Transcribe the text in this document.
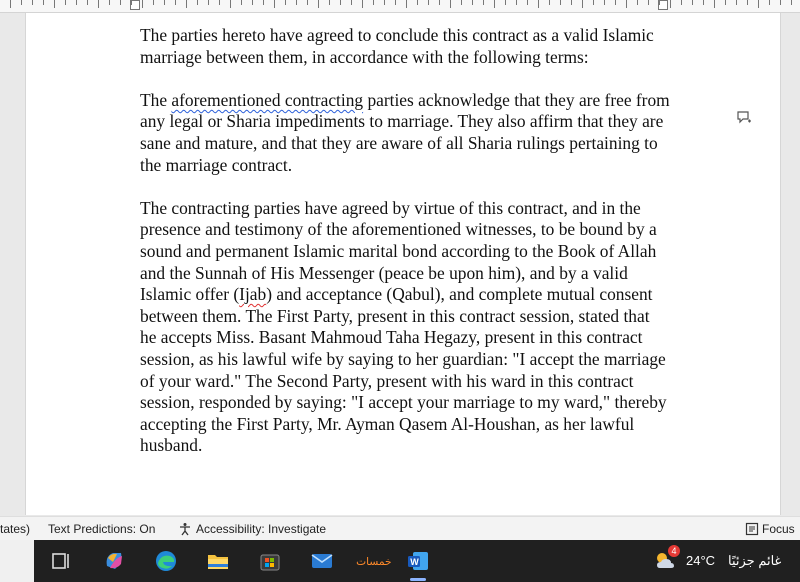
The parties hereto have agreed to conclude this contract as a valid Islamic marriage between them, in accordance with the following terms:

The aforementioned contracting parties acknowledge that they are free from any legal or Sharia impediments to marriage. They also affirm that they are sane and mature, and that they are aware of all Sharia rulings pertaining to the marriage contract.

The contracting parties have agreed by virtue of this contract, and in the presence and testimony of the aforementioned witnesses, to be bound by a sound and permanent Islamic marital bond according to the Book of Allah and the Sunnah of His Messenger (peace be upon him), and by a valid Islamic offer (Ijab) and acceptance (Qabul), and complete mutual consent between them. The First Party, present in this contract session, stated that he accepts Miss. Basant Mahmoud Taha Hegazy, present in this contract session, as his lawful wife by saying to her guardian: "I accept the marriage of your ward." The Second Party, present with his ward in this contract session, responded by saying: "I accept your marriage to my ward," thereby accepting the First Party, Mr. Ayman Qasem Al-Houshan, as her lawful husband.

tates) Text Predictions: On	Accessibility: Investigate	Focus
خمسات W
4
24°C غائم جزئيًا
